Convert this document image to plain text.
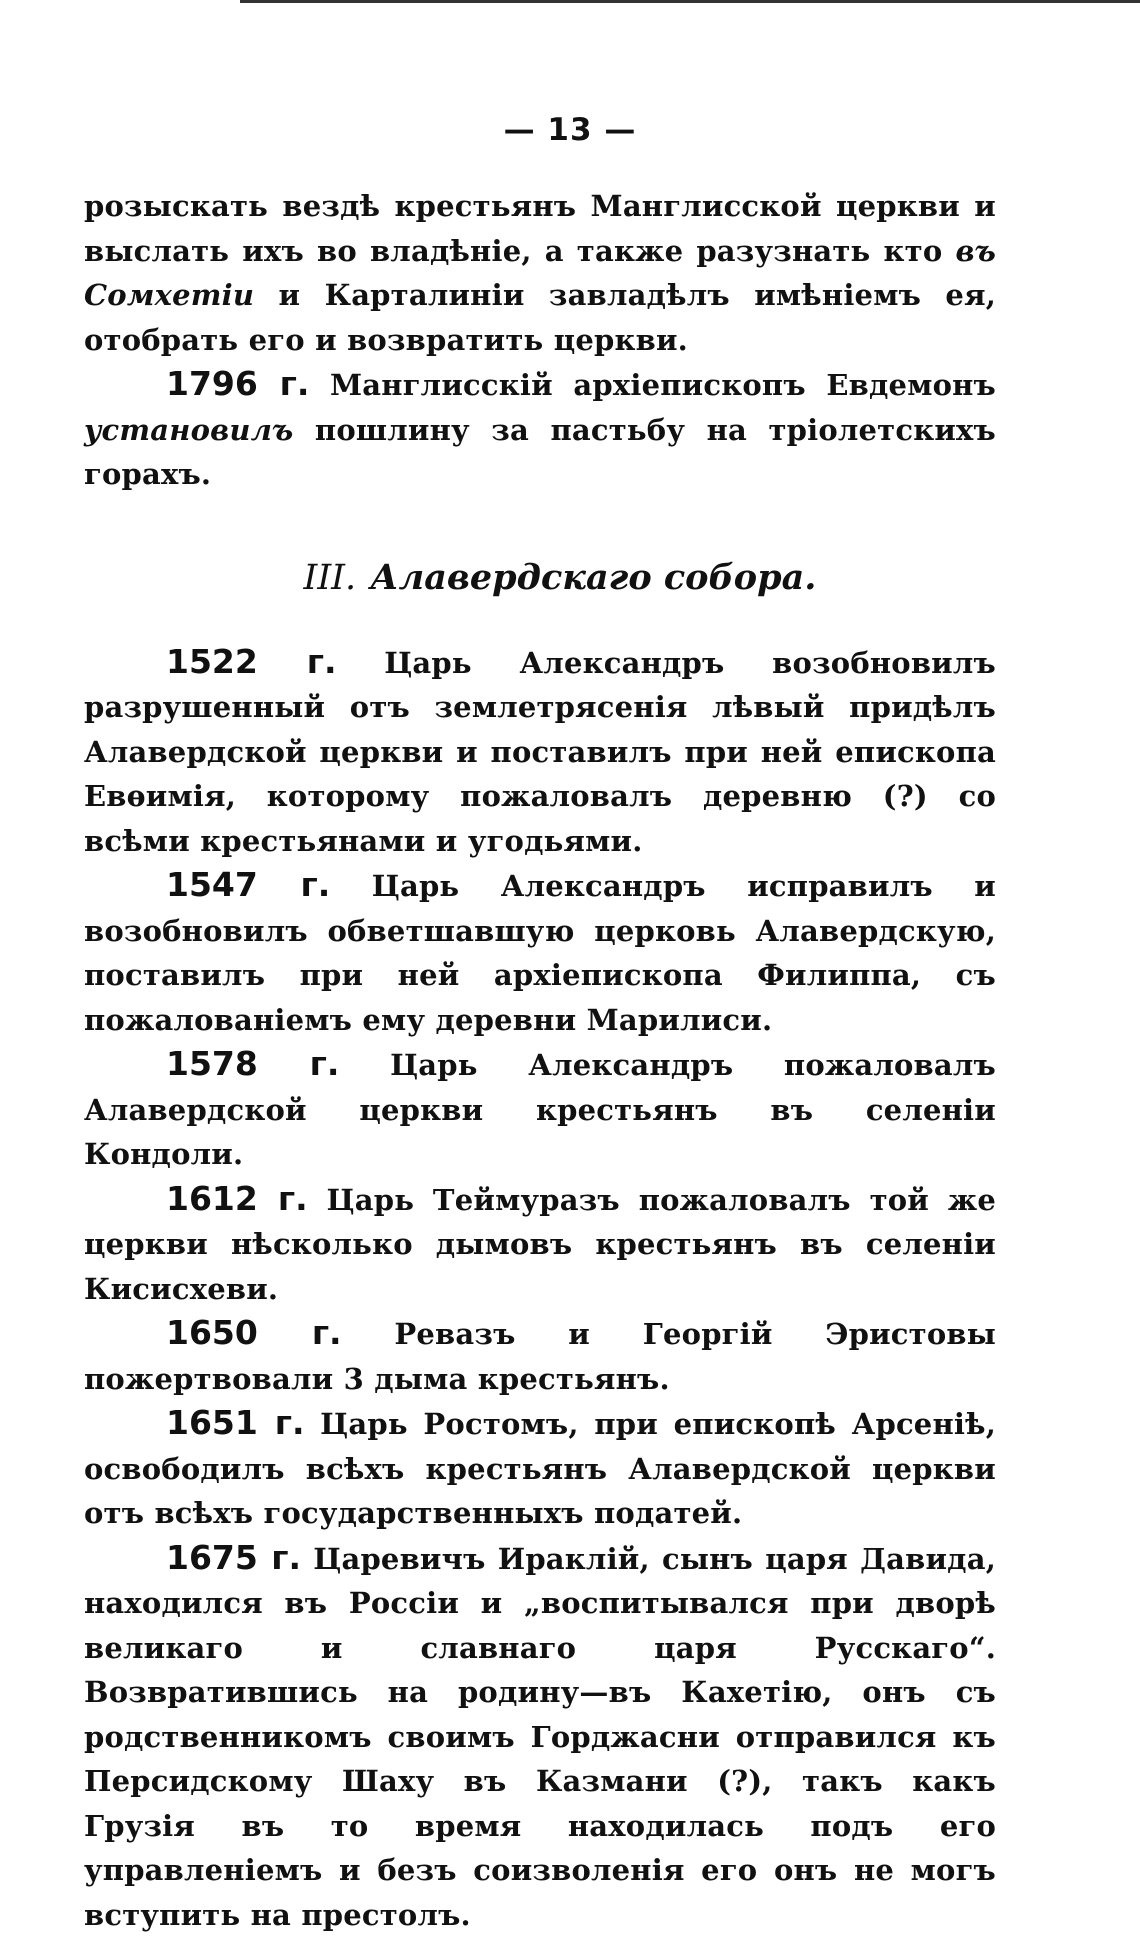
— 13 —

розыскать вездѣ крестьянъ Манглисской церкви и выслать ихъ во владѣніе, а также разузнать кто въ Сомхетіи и Карталиніи завладѣлъ имѣніемъ ея, отобрать его и возвратить церкви.

1796 г. Манглисскій архіепископъ Евдемонъ установилъ пошлину за пастьбу на тріолетскихъ горахъ.

III. Алавердскаго собора.

1522 г. Царь Александръ возобновилъ разрушенный отъ землетрясенія лѣвый придѣлъ Алавердской церкви и поставилъ при ней епископа Евѳимія, которому пожаловалъ деревню (?) со всѣми крестьянами и угодьями.

1547 г. Царь Александръ исправилъ и возобновилъ обветшавшую церковь Алавердскую, поставилъ при ней архіепископа Филиппа, съ пожалованіемъ ему деревни Марилиси.

1578 г. Царь Александръ пожаловалъ Алавердской церкви крестьянъ въ селеніи Кондоли.

1612 г. Царь Теймуразъ пожаловалъ той же церкви нѣсколько дымовъ крестьянъ въ селеніи Кисисхеви.

1650 г. Ревазъ и Георгій Эристовы пожертвовали 3 дыма крестьянъ.

1651 г. Царь Ростомъ, при епископѣ Арсеніѣ, освободилъ всѣхъ крестьянъ Алавердской церкви отъ всѣхъ государственныхъ податей.

1675 г. Царевичъ Ираклій, сынъ царя Давида, находился въ Россіи и „воспитывался при дворѣ великаго и славнаго царя Русскаго“. Возвратившись на родину—въ Кахетію, онъ съ родственникомъ своимъ Горджасни отправился къ Персидскому Шаху въ Казмани (?), такъ какъ Грузія въ то время находилась подъ его управленіемъ и безъ соизволенія его онъ не могъ вступить на престолъ.
